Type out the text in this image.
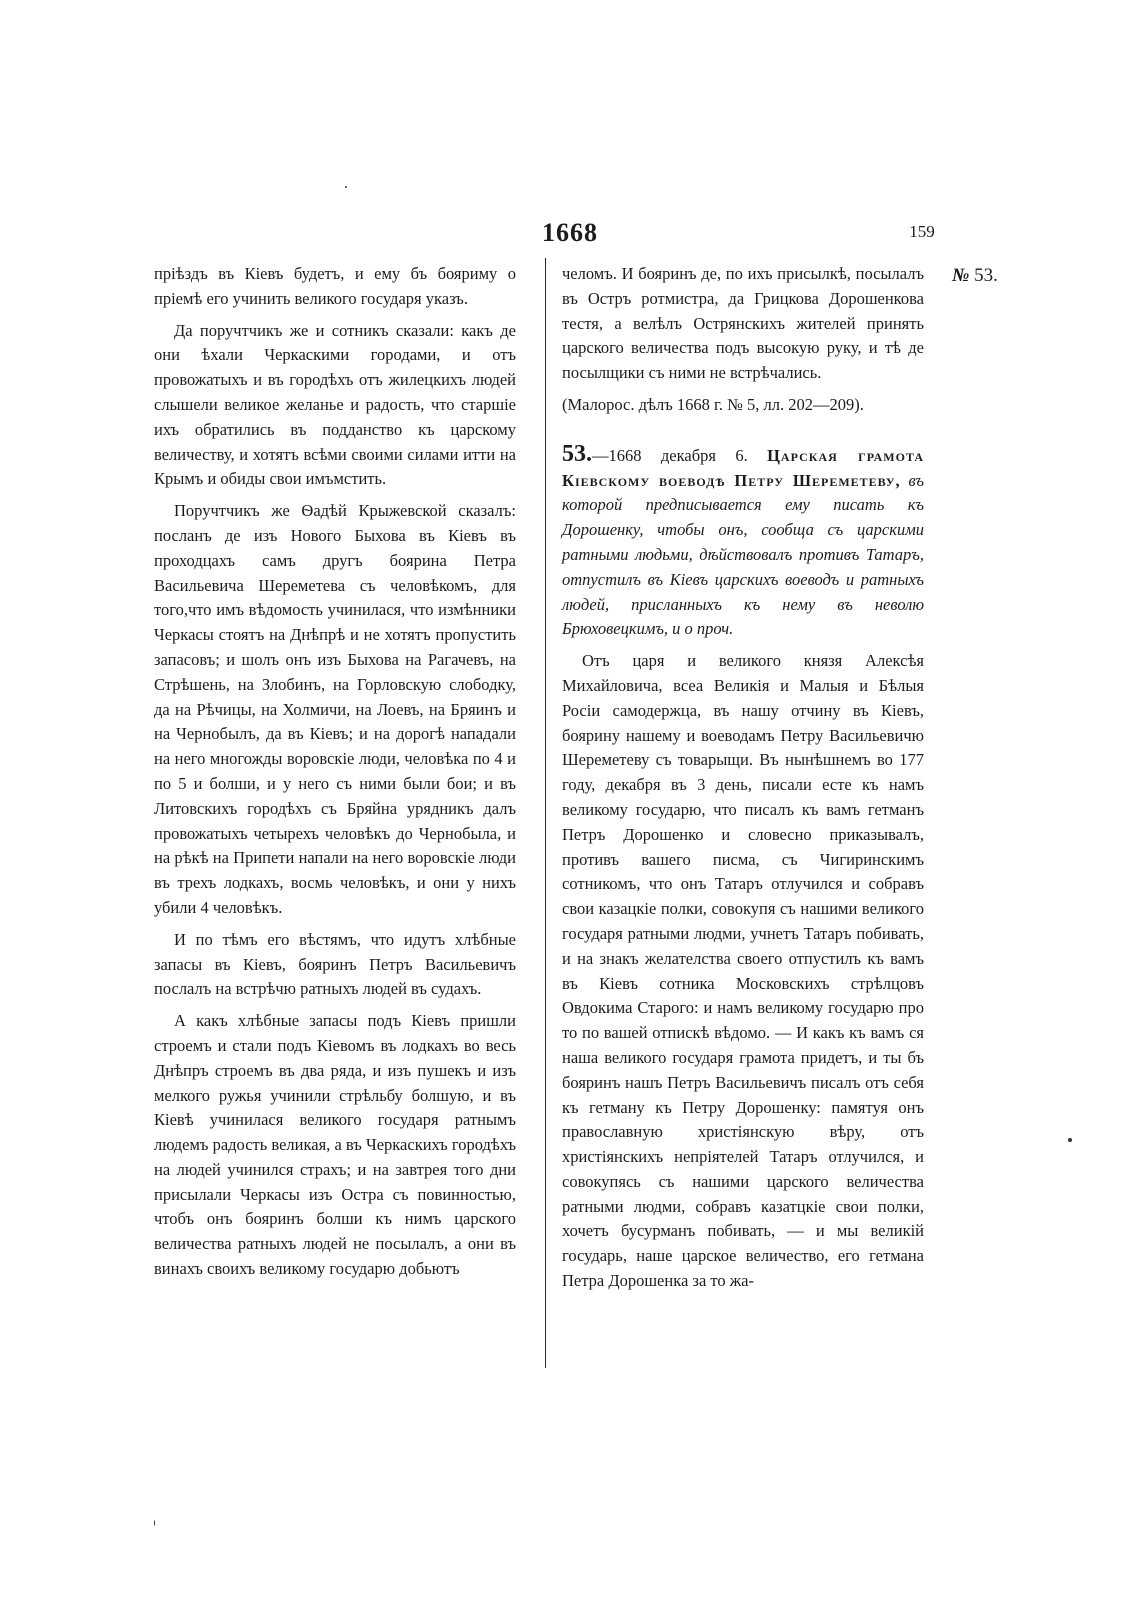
1668	159
№ 53.

пріѣздъ въ Кіевъ будетъ, и ему бъ бояриму о пріемѣ его учинить великого государя указъ.

Да поручтчикъ же и сотникъ сказали: какъ де они ѣхали Черкаскими городами, и отъ провожатыхъ и въ городѣхъ отъ жилецкихъ людей слышели великое желанье и радость, что старшіе ихъ обратились въ подданство къ царскому величеству, и хотятъ всѣми своими силами итти на Крымъ и обиды свои имъмстить.

Поручтчикъ же Ѳадѣй Крыжевской сказалъ: посланъ де изъ Нового Быхова въ Кіевъ въ проходцахъ самъ другъ боярина Петра Васильевича Шереметева съ человѣкомъ, для того,что имъ вѣдомость учинилася, что измѣнники Черкасы стоятъ на Днѣпрѣ и не хотятъ пропустить запасовъ; и шолъ онъ изъ Быхова на Рагачевъ, на Стрѣшень, на Злобинъ, на Горловскую слободку, да на Рѣчицы, на Холмичи, на Лоевъ, на Бряинъ и на Чернобылъ, да въ Кіевъ; и на дорогѣ нападали на него многожды воровскіе люди, человѣка по 4 и по 5 и болши, и у него съ ними были бои; и въ Литовскихъ городѣхъ съ Бряйна урядникъ далъ провожатыхъ четырехъ человѣкъ до Чернобыла, и на рѣкѣ на Припети напали на него воровскіе люди въ трехъ лодкахъ, восмь человѣкъ, и они у нихъ убили 4 человѣкъ.

И по тѣмъ его вѣстямъ, что идутъ хлѣбные запасы въ Кіевъ, бояринъ Петръ Васильевичъ послалъ на встрѣчю ратныхъ людей въ судахъ.

А какъ хлѣбные запасы подъ Кіевъ пришли строемъ и стали подъ Кіевомъ въ лодкахъ во весь Днѣпръ строемъ въ два ряда, и изъ пушекъ и изъ мелкого ружья учинили стрѣльбу болшую, и въ Кіевѣ учинилася великого государя ратнымъ людемъ радость великая, а въ Черкаскихъ городѣхъ на людей учинился страхъ; и на завтрея того дни присылали Черкасы изъ Остра съ повинностью, чтобъ онъ бояринъ болши къ нимъ царского величества ратныхъ людей не посылалъ, а они въ винахъ своихъ великому государю добьютъ

челомъ. И бояринъ де, по ихъ присылкѣ, посылалъ въ Остръ ротмистра, да Грицкова Дорошенкова тестя, а велѣлъ Острянскихъ жителей принять царского величества подъ высокую руку, и тѣ де посылщики съ ними не встрѣчались.

(Малорос. дѣлъ 1668 г. № 5, лл. 202—209).

53.—1668 декабря 6. Царская грамота Кіевскому воеводѣ Петру Шереметеву, въ которой предписывается ему писать къ Дорошенку, чтобы онъ, сообща съ царскими ратными людьми, дѣйствовалъ противъ Татаръ, отпустилъ въ Кіевъ царскихъ воеводъ и ратныхъ людей, присланныхъ къ нему въ неволю Брюховецкимъ, и о проч.

Отъ царя и великого князя Алексѣя Михайловича, всеа Великія и Малыя и Бѣлыя Росіи самодержца, въ нашу отчину въ Кіевъ, боярину нашему и воеводамъ Петру Васильевичю Шереметеву съ товарыщи. Въ нынѣшнемъ во 177 году, декабря въ 3 день, писали есте къ намъ великому государю, что писалъ къ вамъ гетманъ Петръ Дорошенко и словесно приказывалъ, противъ вашего писма, съ Чигиринскимъ сотникомъ, что онъ Татаръ отлучился и собравъ свои казацкіе полки, совокупя съ нашими великого государя ратными людми, учнетъ Татаръ побивать, и на знакъ желателства своего отпустилъ къ вамъ въ Кіевъ сотника Московскихъ стрѣлцовъ Овдокима Старого: и намъ великому государю про то по вашей отпискѣ вѣдомо. — И какъ къ вамъ ся наша великого государя грамота придетъ, и ты бъ бояринъ нашъ Петръ Васильевичъ писалъ отъ себя къ гетману къ Петру Дорошенку: памятуя онъ православную христіянскую вѣру, отъ христіянскихъ непріятелей Татаръ отлучился, и совокупясь съ нашими царского величества ратными людми, собравъ казатцкіе свои полки, хочетъ бусурманъ побивать, — и мы великій государь, наше царское величество, его гетмана Петра Дорошенка за то жа-
